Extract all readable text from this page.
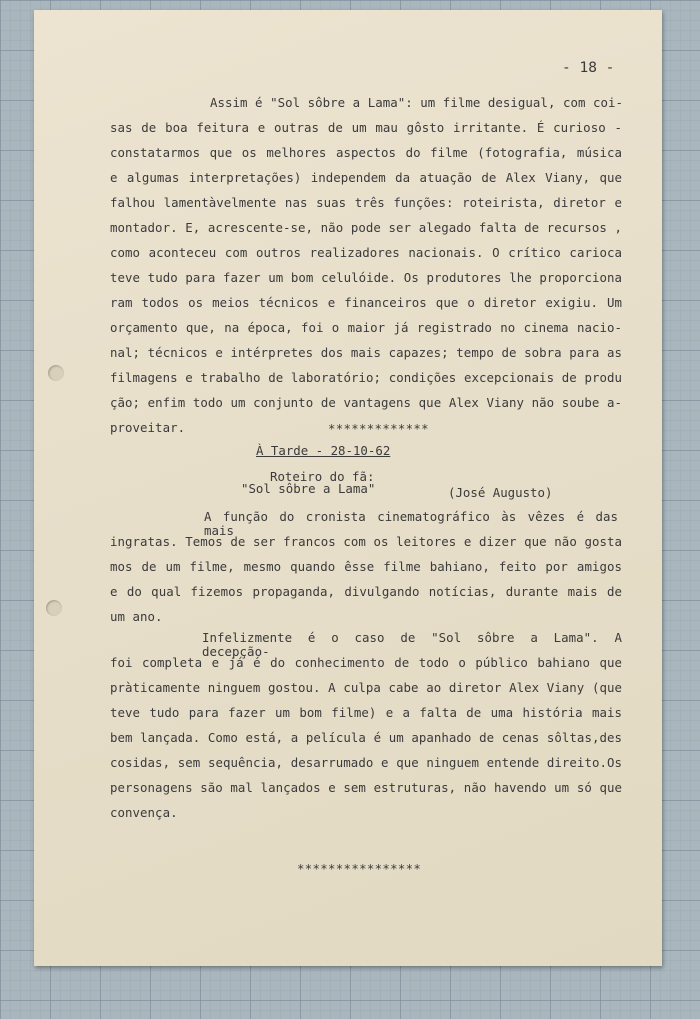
- 18 -
Assim é "Sol sôbre a Lama": um filme desigual, com coi-
sas de boa feitura e outras de um mau gôsto irritante. É curioso -
constatarmos que os melhores aspectos do filme (fotografia, música
e algumas interpretações) independem da atuação de Alex Viany, que
falhou lamentàvelmente nas suas três funções: roteirista, diretor e
montador. E, acrescente-se, não pode ser alegado falta de recursos ,
como aconteceu com outros realizadores nacionais. O crítico carioca
teve tudo para fazer um bom celulóide. Os produtores lhe proporciona
ram todos os meios técnicos e financeiros que o diretor exigiu. Um
orçamento que, na época, foi o maior já registrado no cinema nacio-
nal; técnicos e intérpretes dos mais capazes; tempo de sobra para as
filmagens e trabalho de laboratório; condições excepcionais de produ
ção; enfim todo um conjunto de vantagens que Alex Viany não soube a-
proveitar.	*************
À Tarde - 28-10-62
Roteiro do fã:
"Sol sôbre a Lama"	(José Augusto)
A função do cronista cinematográfico às vêzes é das mais
ingratas. Temos de ser francos com os leitores e dizer que não gosta
mos de um filme, mesmo quando êsse filme bahiano, feito por amigos
e do qual fizemos propaganda, divulgando notícias, durante mais de
um ano.
Infelizmente é o caso de "Sol sôbre a Lama". A decepção-
foi completa e já é do conhecimento de todo o público bahiano que
pràticamente ninguem gostou. A culpa cabe ao diretor Alex Viany (que
teve tudo para fazer um bom filme) e a falta de uma história mais
bem lançada. Como está, a película é um apanhado de cenas sôltas,des
cosidas, sem sequência, desarrumado e que ninguem entende direito.Os
personagens são mal lançados e sem estruturas, não havendo um só que
convença.
****************
